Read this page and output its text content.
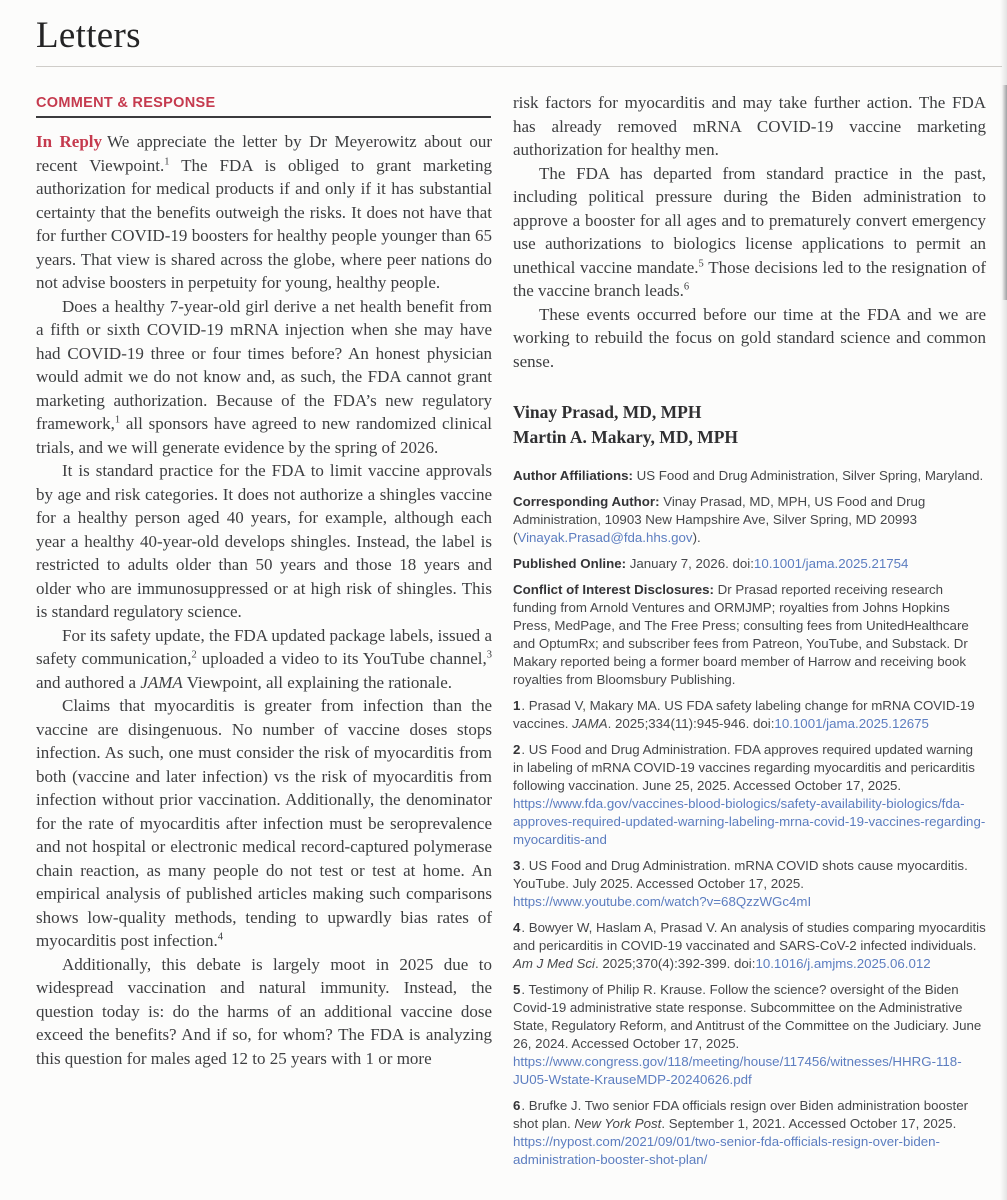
Letters
COMMENT & RESPONSE

In Reply We appreciate the letter by Dr Meyerowitz about our recent Viewpoint.$^1$ The FDA is obliged to grant marketing authorization for medical products if and only if it has substantial certainty that the benefits outweigh the risks. It does not have that for further COVID-19 boosters for healthy people younger than 65 years. That view is shared across the globe, where peer nations do not advise boosters in perpetuity for young, healthy people.

Does a healthy 7-year-old girl derive a net health benefit from a fifth or sixth COVID-19 mRNA injection when she may have had COVID-19 three or four times before? An honest physician would admit we do not know and, as such, the FDA cannot grant marketing authorization. Because of the FDA’s new regulatory framework,$^1$ all sponsors have agreed to new randomized clinical trials, and we will generate evidence by the spring of 2026.

It is standard practice for the FDA to limit vaccine approvals by age and risk categories. It does not authorize a shingles vaccine for a healthy person aged 40 years, for example, although each year a healthy 40-year-old develops shingles. Instead, the label is restricted to adults older than 50 years and those 18 years and older who are immunosuppressed or at high risk of shingles. This is standard regulatory science.

For its safety update, the FDA updated package labels, issued a safety communication,$^2$ uploaded a video to its YouTube channel,$^3$ and authored a JAMA Viewpoint, all explaining the rationale.

Claims that myocarditis is greater from infection than the vaccine are disingenuous. No number of vaccine doses stops infection. As such, one must consider the risk of myocarditis from both (vaccine and later infection) vs the risk of myocarditis from infection without prior vaccination. Additionally, the denominator for the rate of myocarditis after infection must be seroprevalence and not hospital or electronic medical record-captured polymerase chain reaction, as many people do not test or test at home. An empirical analysis of published articles making such comparisons shows low-quality methods, tending to upwardly bias rates of myocarditis post infection.$^4$

Additionally, this debate is largely moot in 2025 due to widespread vaccination and natural immunity. Instead, the question today is: do the harms of an additional vaccine dose exceed the benefits? And if so, for whom? The FDA is analyzing this question for males aged 12 to 25 years with 1 or more

risk factors for myocarditis and may take further action. The FDA has already removed mRNA COVID-19 vaccine marketing authorization for healthy men.

The FDA has departed from standard practice in the past, including political pressure during the Biden administration to approve a booster for all ages and to prematurely convert emergency use authorizations to biologics license applications to permit an unethical vaccine mandate.$^5$ Those decisions led to the resignation of the vaccine branch leads.$^6$

These events occurred before our time at the FDA and we are working to rebuild the focus on gold standard science and common sense.

Vinay Prasad, MD, MPH
Martin A. Makary, MD, MPH

Author Affiliations: US Food and Drug Administration, Silver Spring, Maryland.

Corresponding Author: Vinay Prasad, MD, MPH, US Food and Drug Administration, 10903 New Hampshire Ave, Silver Spring, MD 20993 (Vinayak.Prasad@fda.hhs.gov).

Published Online: January 7, 2026. doi:10.1001/jama.2025.21754

Conflict of Interest Disclosures: Dr Prasad reported receiving research funding from Arnold Ventures and ORMJMP; royalties from Johns Hopkins Press, MedPage, and The Free Press; consulting fees from UnitedHealthcare and OptumRx; and subscriber fees from Patreon, YouTube, and Substack. Dr Makary reported being a former board member of Harrow and receiving book royalties from Bloomsbury Publishing.

1. Prasad V, Makary MA. US FDA safety labeling change for mRNA COVID-19 vaccines. JAMA. 2025;334(11):945-946. doi:10.1001/jama.2025.12675

2. US Food and Drug Administration. FDA approves required updated warning in labeling of mRNA COVID-19 vaccines regarding myocarditis and pericarditis following vaccination. June 25, 2025. Accessed October 17, 2025. https://www.fda.gov/vaccines-blood-biologics/safety-availability-biologics/fda-approves-required-updated-warning-labeling-mrna-covid-19-vaccines-regarding-myocarditis-and

3. US Food and Drug Administration. mRNA COVID shots cause myocarditis. YouTube. July 2025. Accessed October 17, 2025. https://www.youtube.com/watch?v=68QzzWGc4mI

4. Bowyer W, Haslam A, Prasad V. An analysis of studies comparing myocarditis and pericarditis in COVID-19 vaccinated and SARS-CoV-2 infected individuals. Am J Med Sci. 2025;370(4):392-399. doi:10.1016/j.amjms.2025.06.012

5. Testimony of Philip R. Krause. Follow the science? oversight of the Biden Covid-19 administrative state response. Subcommittee on the Administrative State, Regulatory Reform, and Antitrust of the Committee on the Judiciary. June 26, 2024. Accessed October 17, 2025. https://www.congress.gov/118/meeting/house/117456/witnesses/HHRG-118-JU05-Wstate-KrauseMDP-20240626.pdf

6. Brufke J. Two senior FDA officials resign over Biden administration booster shot plan. New York Post. September 1, 2021. Accessed October 17, 2025. https://nypost.com/2021/09/01/two-senior-fda-officials-resign-over-biden-administration-booster-shot-plan/
